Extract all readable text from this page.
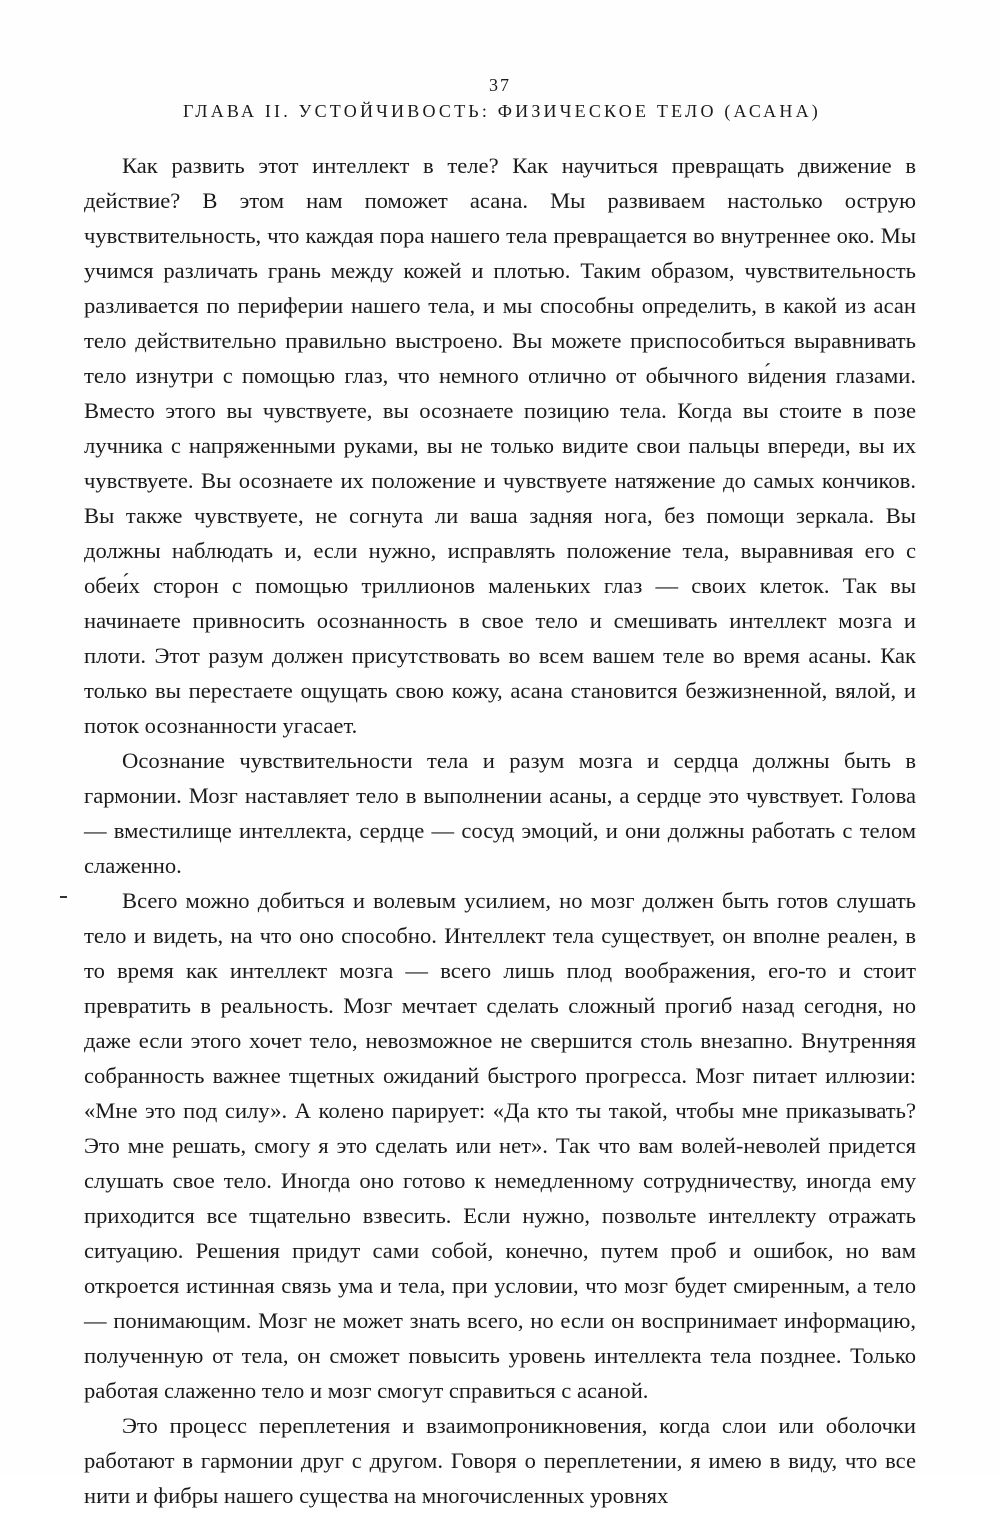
37
ГЛАВА II. УСТОЙЧИВОСТЬ: ФИЗИЧЕСКОЕ ТЕЛО (АСАНА)

Как развить этот интеллект в теле? Как научиться превращать движение в действие? В этом нам поможет асана. Мы развиваем настолько острую чувствительность, что каждая пора нашего тела превращается во внутреннее око. Мы учимся различать грань между кожей и плотью. Таким образом, чувствительность разливается по периферии нашего тела, и мы способны определить, в какой из асан тело действительно правильно выстроено. Вы можете приспособиться выравнивать тело изнутри с помощью глаз, что немного отлично от обычного ви́дения глазами. Вместо этого вы чувствуете, вы осознаете позицию тела. Когда вы стоите в позе лучника с напряженными руками, вы не только видите свои пальцы впереди, вы их чувствуете. Вы осознаете их положение и чувствуете натяжение до самых кончиков. Вы также чувствуете, не согнута ли ваша задняя нога, без помощи зеркала. Вы должны наблюдать и, если нужно, исправлять положение тела, выравнивая его с обеи́х сторон с помощью триллионов маленьких глаз — своих клеток. Так вы начинаете привносить осознанность в свое тело и смешивать интеллект мозга и плоти. Этот разум должен присутствовать во всем вашем теле во время асаны. Как только вы перестаете ощущать свою кожу, асана становится безжизненной, вялой, и поток осознанности угасает.

Осознание чувствительности тела и разум мозга и сердца должны быть в гармонии. Мозг наставляет тело в выполнении асаны, а сердце это чувствует. Голова — вместилище интеллекта, сердце — сосуд эмоций, и они должны работать с телом слаженно.

Всего можно добиться и волевым усилием, но мозг должен быть готов слушать тело и видеть, на что оно способно. Интеллект тела существует, он вполне реален, в то время как интеллект мозга — всего лишь плод воображения, его-то и стоит превратить в реальность. Мозг мечтает сделать сложный прогиб назад сегодня, но даже если этого хочет тело, невозможное не свершится столь внезапно. Внутренняя собранность важнее тщетных ожиданий быстрого прогресса. Мозг питает иллюзии: «Мне это под силу». А колено парирует: «Да кто ты такой, чтобы мне приказывать? Это мне решать, смогу я это сделать или нет». Так что вам волей-неволей придется слушать свое тело. Иногда оно готово к немедленному сотрудничеству, иногда ему приходится все тщательно взвесить. Если нужно, позвольте интеллекту отражать ситуацию. Решения придут сами собой, конечно, путем проб и ошибок, но вам откроется истинная связь ума и тела, при условии, что мозг будет смиренным, а тело — понимающим. Мозг не может знать всего, но если он воспринимает информацию, полученную от тела, он сможет повысить уровень интеллекта тела позднее. Только работая слаженно тело и мозг смогут справиться с асаной.

Это процесс переплетения и взаимопроникновения, когда слои или оболочки работают в гармонии друг с другом. Говоря о переплетении, я имею в виду, что все нити и фибры нашего существа на многочисленных уровнях
